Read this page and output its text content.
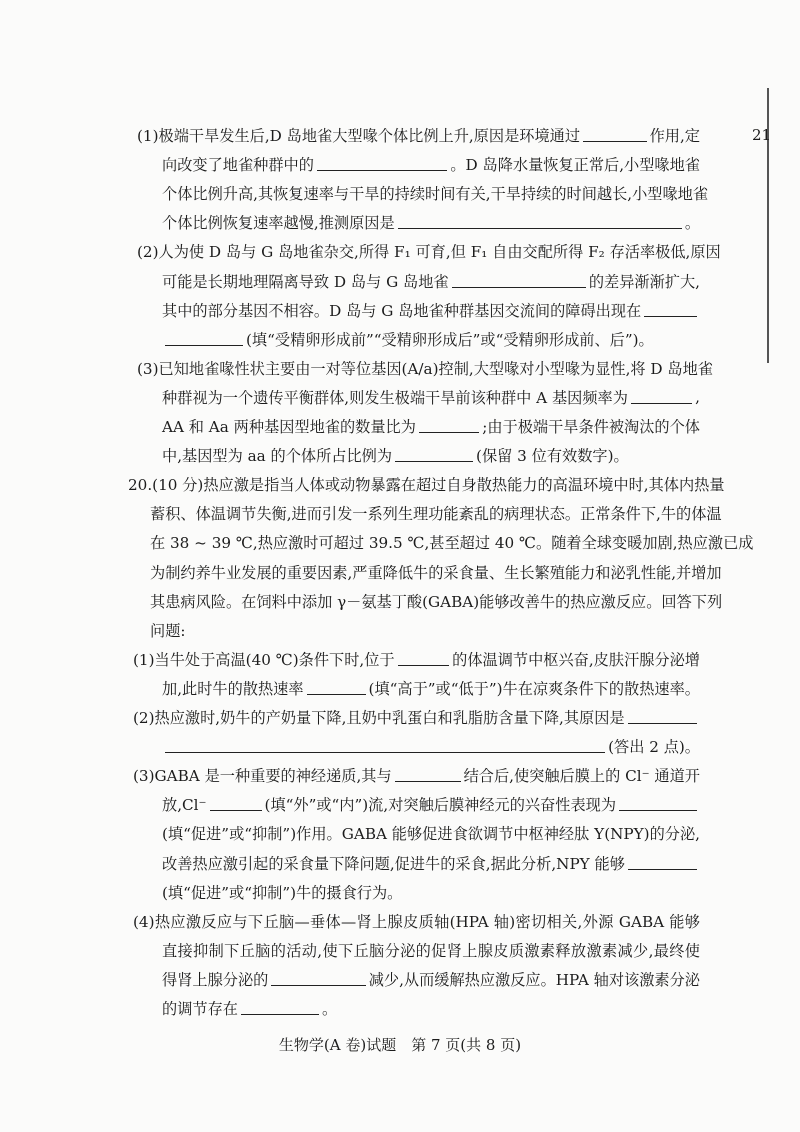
21
(1)极端干旱发生后,D 岛地雀大型喙个体比例上升,原因是环境通过	作用,定
向改变了地雀种群中的	。D 岛降水量恢复正常后,小型喙地雀
个体比例升高,其恢复速率与干旱的持续时间有关,干旱持续的时间越长,小型喙地雀
个体比例恢复速率越慢,推测原因是	。
(2)人为使 D 岛与 G 岛地雀杂交,所得 F₁ 可育,但 F₁ 自由交配所得 F₂ 存活率极低,原因
可能是长期地理隔离导致 D 岛与 G 岛地雀	的差异渐渐扩大,
其中的部分基因不相容。D 岛与 G 岛地雀种群基因交流间的障碍出现在
(填“受精卵形成前”“受精卵形成后”或“受精卵形成前、后”)。
(3)已知地雀喙性状主要由一对等位基因(A/a)控制,大型喙对小型喙为显性,将 D 岛地雀
种群视为一个遗传平衡群体,则发生极端干旱前该种群中 A 基因频率为	,
AA 和 Aa 两种基因型地雀的数量比为	;由于极端干旱条件被淘汰的个体
中,基因型为 aa 的个体所占比例为	(保留 3 位有效数字)。
20.(10 分)热应激是指当人体或动物暴露在超过自身散热能力的高温环境中时,其体内热量
蓄积、体温调节失衡,进而引发一系列生理功能紊乱的病理状态。正常条件下,牛的体温
在 38 ~ 39 ℃,热应激时可超过 39.5 ℃,甚至超过 40 ℃。随着全球变暖加剧,热应激已成
为制约养牛业发展的重要因素,严重降低牛的采食量、生长繁殖能力和泌乳性能,并增加
其患病风险。在饲料中添加 γ－氨基丁酸(GABA)能够改善牛的热应激反应。回答下列
问题:
(1)当牛处于高温(40 ℃)条件下时,位于	的体温调节中枢兴奋,皮肤汗腺分泌增
加,此时牛的散热速率	(填“高于”或“低于”)牛在凉爽条件下的散热速率。
(2)热应激时,奶牛的产奶量下降,且奶中乳蛋白和乳脂肪含量下降,其原因是
(答出 2 点)。
(3)GABA 是一种重要的神经递质,其与	结合后,使突触后膜上的 Cl⁻ 通道开
放,Cl⁻	(填“外”或“内”)流,对突触后膜神经元的兴奋性表现为
(填“促进”或“抑制”)作用。GABA 能够促进食欲调节中枢神经肽 Y(NPY)的分泌,
改善热应激引起的采食量下降问题,促进牛的采食,据此分析,NPY 能够
(填“促进”或“抑制”)牛的摄食行为。
(4)热应激反应与下丘脑—垂体—肾上腺皮质轴(HPA 轴)密切相关,外源 GABA 能够
直接抑制下丘脑的活动,使下丘脑分泌的促肾上腺皮质激素释放激素减少,最终使
得肾上腺分泌的	减少,从而缓解热应激反应。HPA 轴对该激素分泌
的调节存在	。
生物学(A 卷)试题　第 7 页(共 8 页)
